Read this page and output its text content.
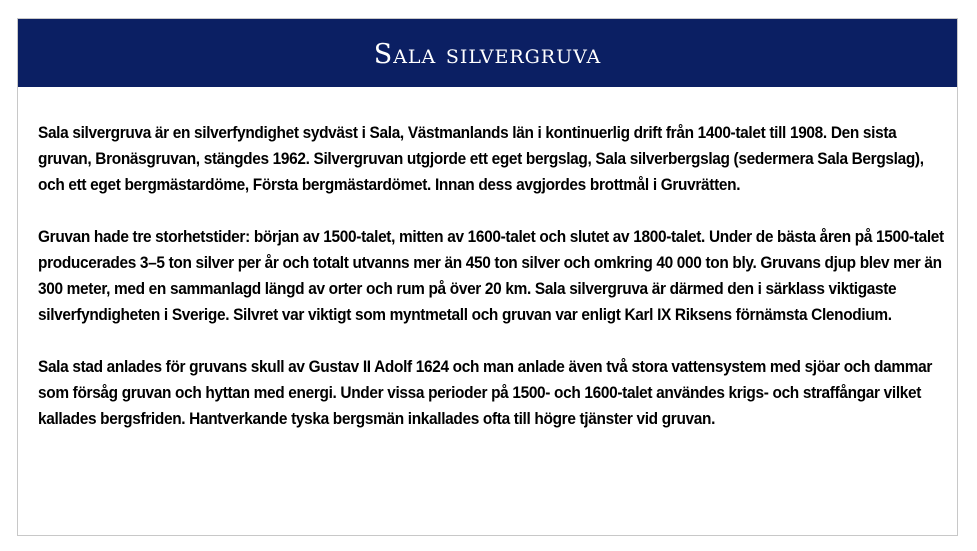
Sala silvergruva

Sala silvergruva är en silverfyndighet sydväst i Sala, Västmanlands län i kontinuerlig drift från 1400-talet till 1908. Den sista gruvan, Bronäsgruvan, stängdes 1962. Silvergruvan utgjorde ett eget bergslag, Sala silverbergslag (sedermera Sala Bergslag), och ett eget bergmästardöme, Första bergmästardömet. Innan dess avgjordes brottmål i Gruvrätten.

Gruvan hade tre storhetstider: början av 1500-talet, mitten av 1600-talet och slutet av 1800-talet. Under de bästa åren på 1500-talet producerades 3–5 ton silver per år och totalt utvanns mer än 450 ton silver och omkring 40 000 ton bly. Gruvans djup blev mer än 300 meter, med en sammanlagd längd av orter och rum på över 20 km. Sala silvergruva är därmed den i särklass viktigaste silverfyndigheten i Sverige. Silvret var viktigt som myntmetall och gruvan var enligt Karl IX Riksens förnämsta Clenodium.

Sala stad anlades för gruvans skull av Gustav II Adolf 1624 och man anlade även två stora vattensystem med sjöar och dammar som försåg gruvan och hyttan med energi. Under vissa perioder på 1500- och 1600-talet användes krigs- och straffångar vilket kallades bergsfriden. Hantverkande tyska bergsmän inkallades ofta till högre tjänster vid gruvan.
